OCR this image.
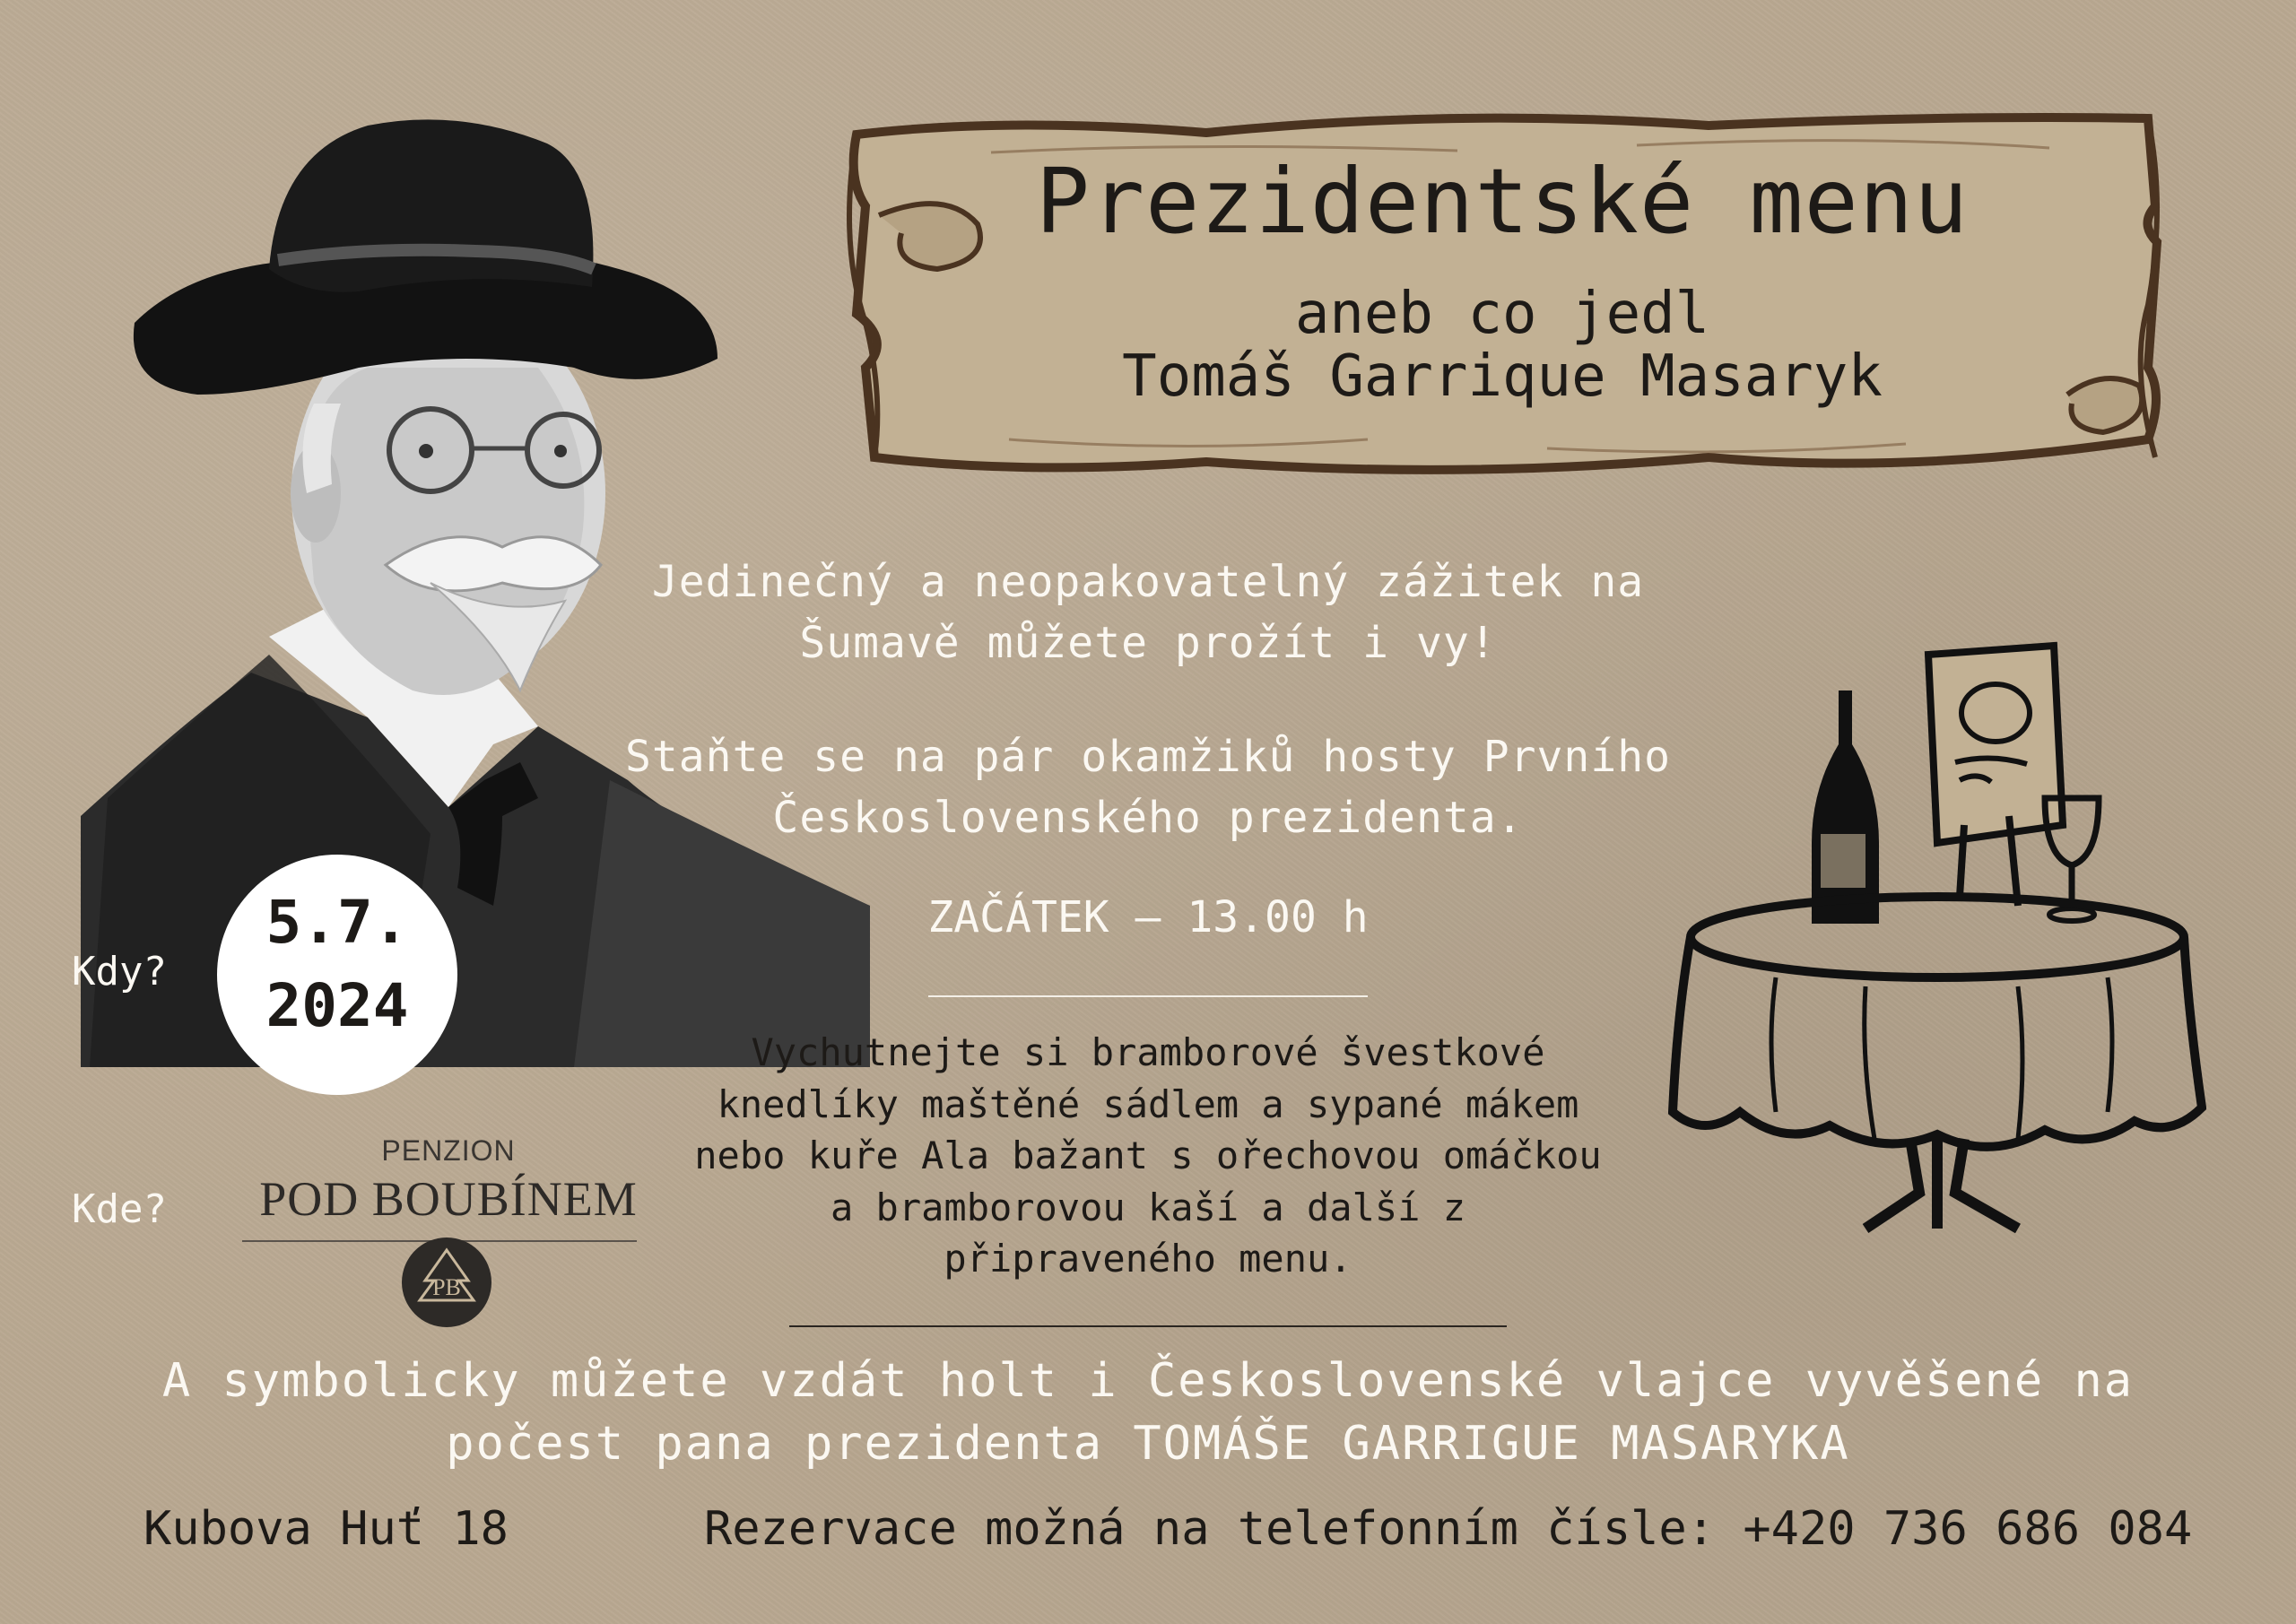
Prezidentské menu
aneb co jedl
Tomáš Garrique Masaryk
Jedinečný a neopakovatelný zážitek na Šumavě můžete prožít i vy!
Staňte se na pár okamžiků hosty Prvního Československého prezidenta.
ZAČÁTEK – 13.00 h
Vychutnejte si bramborové švestkové knedlíky maštěné sádlem a sypané mákem nebo kuře Ala bažant s ořechovou omáčkou a bramborovou kaší a další z připraveného menu.
Kdy?
5.7.
2024
Kde?
PENZION
POD BOUBÍNEM
PB
A symbolicky můžete vzdát holt i Československé vlajce vyvěšené na
počest pana prezidenta TOMÁŠE GARRIGUE MASARYKA
Kubova Huť 18	Rezervace možná na telefonním čísle: +420 736 686 084
